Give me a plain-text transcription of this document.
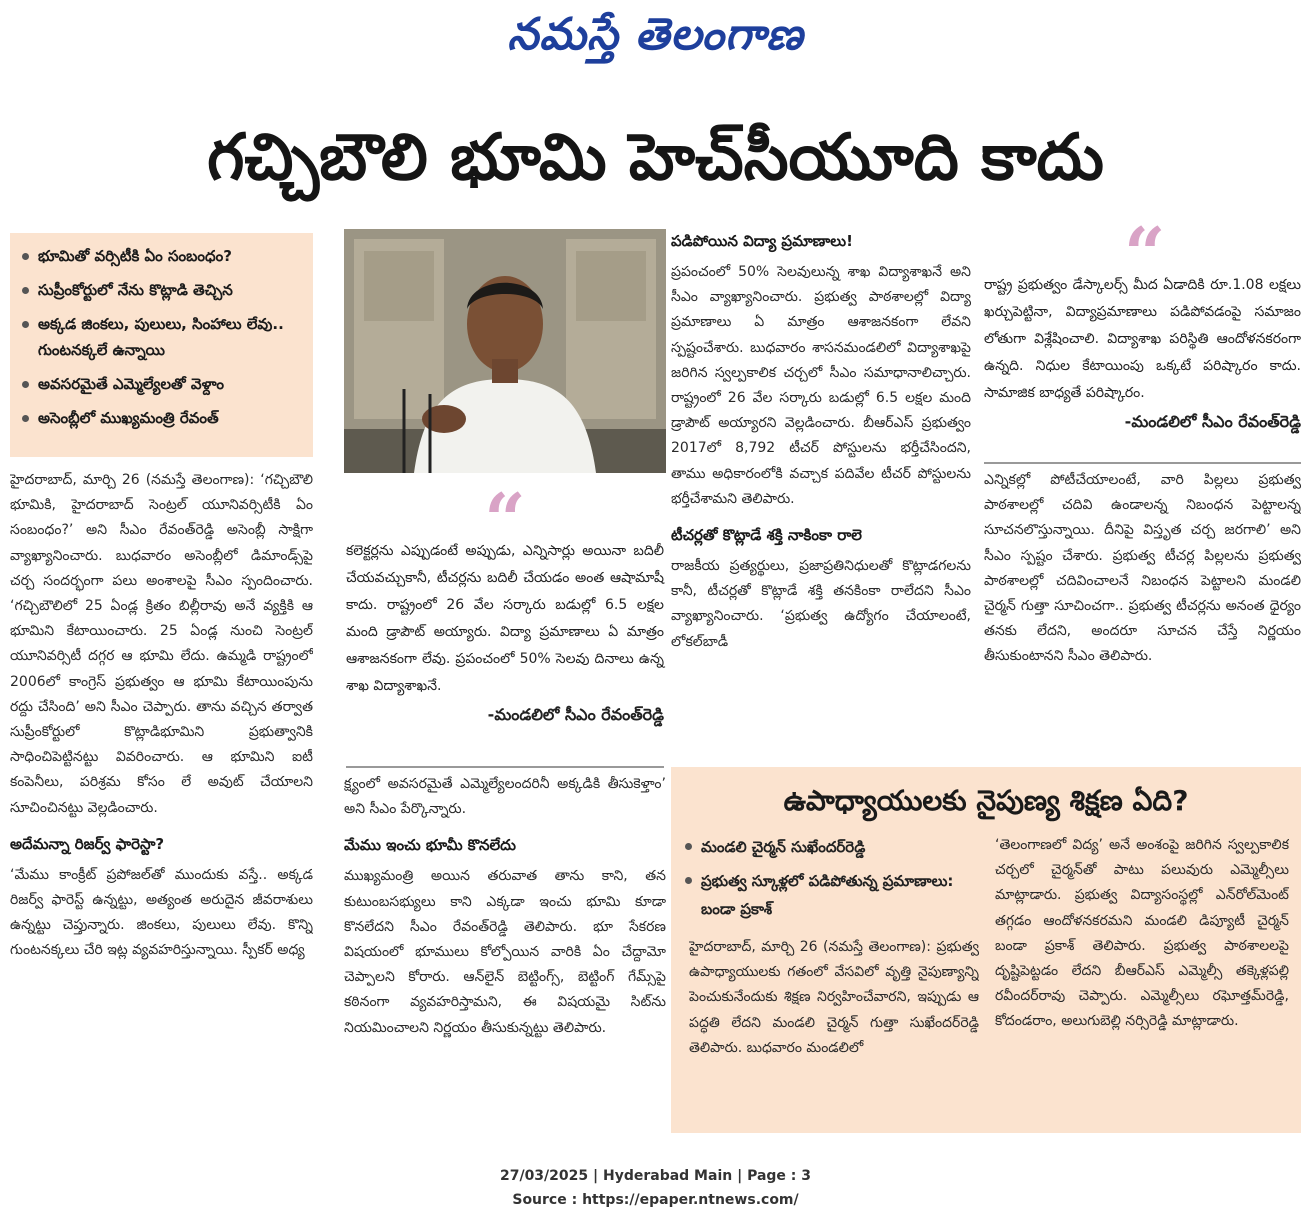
నమస్తే తెలంగాణ
గచ్చిబౌలి భూమి హెచ్‌సీయూది కాదు
భూమితో వర్సిటీకి ఏం సంబంధం?
సుప్రీంకోర్టులో నేను కొట్లాడి తెచ్చిన
అక్కడ జింకలు, పులులు, సింహాలు లేవు.. గుంటనక్కలే ఉన్నాయి
అవసరమైతే ఎమ్మెల్యేలతో వెళ్దాం
అసెంబ్లీలో ముఖ్యమంత్రి రేవంత్

హైదరాబాద్, మార్చి 26 (నమస్తే తెలంగాణ): ‘గచ్చిబౌలి భూమికి, హైదరాబాద్ సెంట్రల్ యూనివర్సిటీకి ఏం సంబంధం?’ అని సీఎం రేవంత్‌రెడ్డి అసెంబ్లీ సాక్షిగా వ్యాఖ్యానించారు. బుధవారం అసెంబ్లీలో డిమాండ్స్‌పై చర్చ సందర్భంగా పలు అంశాలపై సీఎం స్పందించారు. ‘గచ్చిబౌలిలో 25 ఏండ్ల క్రితం బిల్లీరావు అనే వ్యక్తికి ఆ భూమిని కేటాయించారు. 25 ఏండ్ల నుంచి సెంట్రల్ యూనివర్సిటీ దగ్గర ఆ భూమి లేదు. ఉమ్మడి రాష్ట్రంలో 2006లో కాంగ్రెస్ ప్రభుత్వం ఆ భూమి కేటాయింపును రద్దు చేసింది’ అని సీఎం చెప్పారు. తాను వచ్చిన తర్వాత సుప్రీంకోర్టులో కొట్లాడిభూమిని ప్రభుత్వానికి సాధించిపెట్టినట్టు వివరించారు. ఆ భూమిని ఐటీ కంపెనీలు, పరిశ్రమ కోసం లే అవుట్ చేయాలని సూచించినట్టు వెల్లడించారు.

అదేమన్నా రిజర్వ్ ఫారెస్టా?

‘మేము కాంక్రీట్ ప్రపోజల్‌తో ముందుకు వస్తే.. అక్కడ రిజర్వ్ ఫారెస్ట్ ఉన్నట్టు, అత్యంత అరుదైన జీవరాశులు ఉన్నట్టు చెప్తున్నారు. జింకలు, పులులు లేవు. కొన్ని గుంటనక్కలు చేరి ఇట్ల వ్యవహరిస్తున్నాయి. స్పీకర్ అధ్య

“
కలెక్టర్లను ఎప్పుడంటే అప్పుడు, ఎన్నిసార్లు అయినా బదిలీ చేయవచ్చుకానీ, టీచర్లను బదిలీ చేయడం అంత ఆషామాషీ కాదు. రాష్ట్రంలో 26 వేల సర్కారు బడుల్లో 6.5 లక్షల మంది డ్రాపౌట్ అయ్యారు. విద్యా ప్రమాణాలు ఏ మాత్రం ఆశాజనకంగా లేవు. ప్రపంచంలో 50% సెలవు దినాలు ఉన్న శాఖ విద్యాశాఖనే.
-మండలిలో సీఎం రేవంత్‌రెడ్డి

క్ష్యంలో అవసరమైతే ఎమ్మెల్యేలందరినీ అక్కడికి తీసుకెళ్తాం’ అని సీఎం పేర్కొన్నారు.

మేము ఇంచు భూమీ కొనలేదు

ముఖ్యమంత్రి అయిన తరువాత తాను కాని, తన కుటుంబసభ్యులు కాని ఎక్కడా ఇంచు భూమి కూడా కొనలేదని సీఎం రేవంత్‌రెడ్డి తెలిపారు. భూ సేకరణ విషయంలో భూములు కోల్పోయిన వారికి ఏం చేద్దామో చెప్పాలని కోరారు. ఆన్‌లైన్ బెట్టింగ్స్, బెట్టింగ్ గేమ్స్‌పై కఠినంగా వ్యవహరిస్తామని, ఈ విషయమై సిట్‌ను నియమించాలని నిర్ణయం తీసుకున్నట్టు తెలిపారు.

పడిపోయిన విద్యా ప్రమాణాలు!

ప్రపంచంలో 50% సెలవులున్న శాఖ విద్యాశాఖనే అని సీఎం వ్యాఖ్యానించారు. ప్రభుత్వ పాఠశాలల్లో విద్యా ప్రమాణాలు ఏ మాత్రం ఆశాజనకంగా లేవని స్పష్టంచేశారు. బుధవారం శాసనమండలిలో విద్యాశాఖపై జరిగిన స్వల్పకాలిక చర్చలో సీఎం సమాధానాలిచ్చారు. రాష్ట్రంలో 26 వేల సర్కారు బడుల్లో 6.5 లక్షల మంది డ్రాపౌట్ అయ్యారని వెల్లడించారు. బీఆర్‌ఎస్ ప్రభుత్వం 2017లో 8,792 టీచర్ పోస్టులను భర్తీచేసిందని, తాము అధికారంలోకి వచ్చాక పదివేల టీచర్ పోస్టులను భర్తీచేశామని తెలిపారు.

టీచర్లతో కొట్లాడే శక్తి నాకింకా రాలె

రాజకీయ ప్రత్యర్థులు, ప్రజాప్రతినిధులతో కొట్లాడగలను కానీ, టీచర్లతో కొట్లాడే శక్తి తనకింకా రాలేదని సీఎం వ్యాఖ్యానించారు. ‘ప్రభుత్వ ఉద్యోగం చేయాలంటే, లోకల్‌బాడీ

“
రాష్ట్ర ప్రభుత్వం డేస్కాలర్స్ మీద ఏడాదికి రూ.1.08 లక్షలు ఖర్చుపెట్టినా, విద్యాప్రమాణాలు పడిపోవడంపై సమాజం లోతుగా విశ్లేషించాలి. విద్యాశాఖ పరిస్థితి ఆందోళనకరంగా ఉన్నది. నిధుల కేటాయింపు ఒక్కటే పరిష్కారం కాదు. సామాజిక బాధ్యతే పరిష్కారం.
-మండలిలో సీఎం రేవంత్‌రెడ్డి

ఎన్నికల్లో పోటీచేయాలంటే, వారి పిల్లలు ప్రభుత్వ పాఠశాలల్లో చదివి ఉండాలన్న నిబంధన పెట్టాలన్న సూచనలొస్తున్నాయి. దీనిపై విస్తృత చర్చ జరగాలి’ అని సీఎం స్పష్టం చేశారు. ప్రభుత్వ టీచర్ల పిల్లలను ప్రభుత్వ పాఠశాలల్లో చదివించాలనే నిబంధన పెట్టాలని మండలి చైర్మన్ గుత్తా సూచించగా.. ప్రభుత్వ టీచర్లను అనంత ధైర్యం తనకు లేదని, అందరూ సూచన చేస్తే నిర్ణయం తీసుకుంటానని సీఎం తెలిపారు.

ఉపాధ్యాయులకు నైపుణ్య శిక్షణ ఏది?
మండలి చైర్మన్ సుఖేందర్‌రెడ్డి
ప్రభుత్వ స్కూళ్లలో పడిపోతున్న ప్రమాణాలు: బండా ప్రకాశ్
హైదరాబాద్, మార్చి 26 (నమస్తే తెలంగాణ): ప్రభుత్వ ఉపాధ్యాయులకు గతంలో వేసవిలో వృత్తి నైపుణ్యాన్ని పెంచుకునేందుకు శిక్షణ నిర్వహించేవారని, ఇప్పుడు ఆ పద్ధతి లేదని మండలి చైర్మన్ గుత్తా సుఖేందర్‌రెడ్డి తెలిపారు. బుధవారం మండలిలో
‘తెలంగాణలో విద్య’ అనే అంశంపై జరిగిన స్వల్పకాలిక చర్చలో చైర్మన్‌తో పాటు పలువురు ఎమ్మెల్సీలు మాట్లాడారు. ప్రభుత్వ విద్యాసంస్థల్లో ఎన్‌రోల్‌మెంట్ తగ్గడం ఆందోళనకరమని మండలి డిప్యూటీ చైర్మన్ బండా ప్రకాశ్ తెలిపారు. ప్రభుత్వ పాఠశాలలపై దృష్టిపెట్టడం లేదని బీఆర్‌ఎస్ ఎమ్మెల్సీ తక్కెళ్లపల్లి రవీందర్‌రావు చెప్పారు. ఎమ్మెల్సీలు రఘోత్తమ్‌రెడ్డి, కోదండరాం, అలుగుబెల్లి నర్సిరెడ్డి మాట్లాడారు.
27/03/2025 | Hyderabad Main | Page : 3
Source : https://epaper.ntnews.com/
